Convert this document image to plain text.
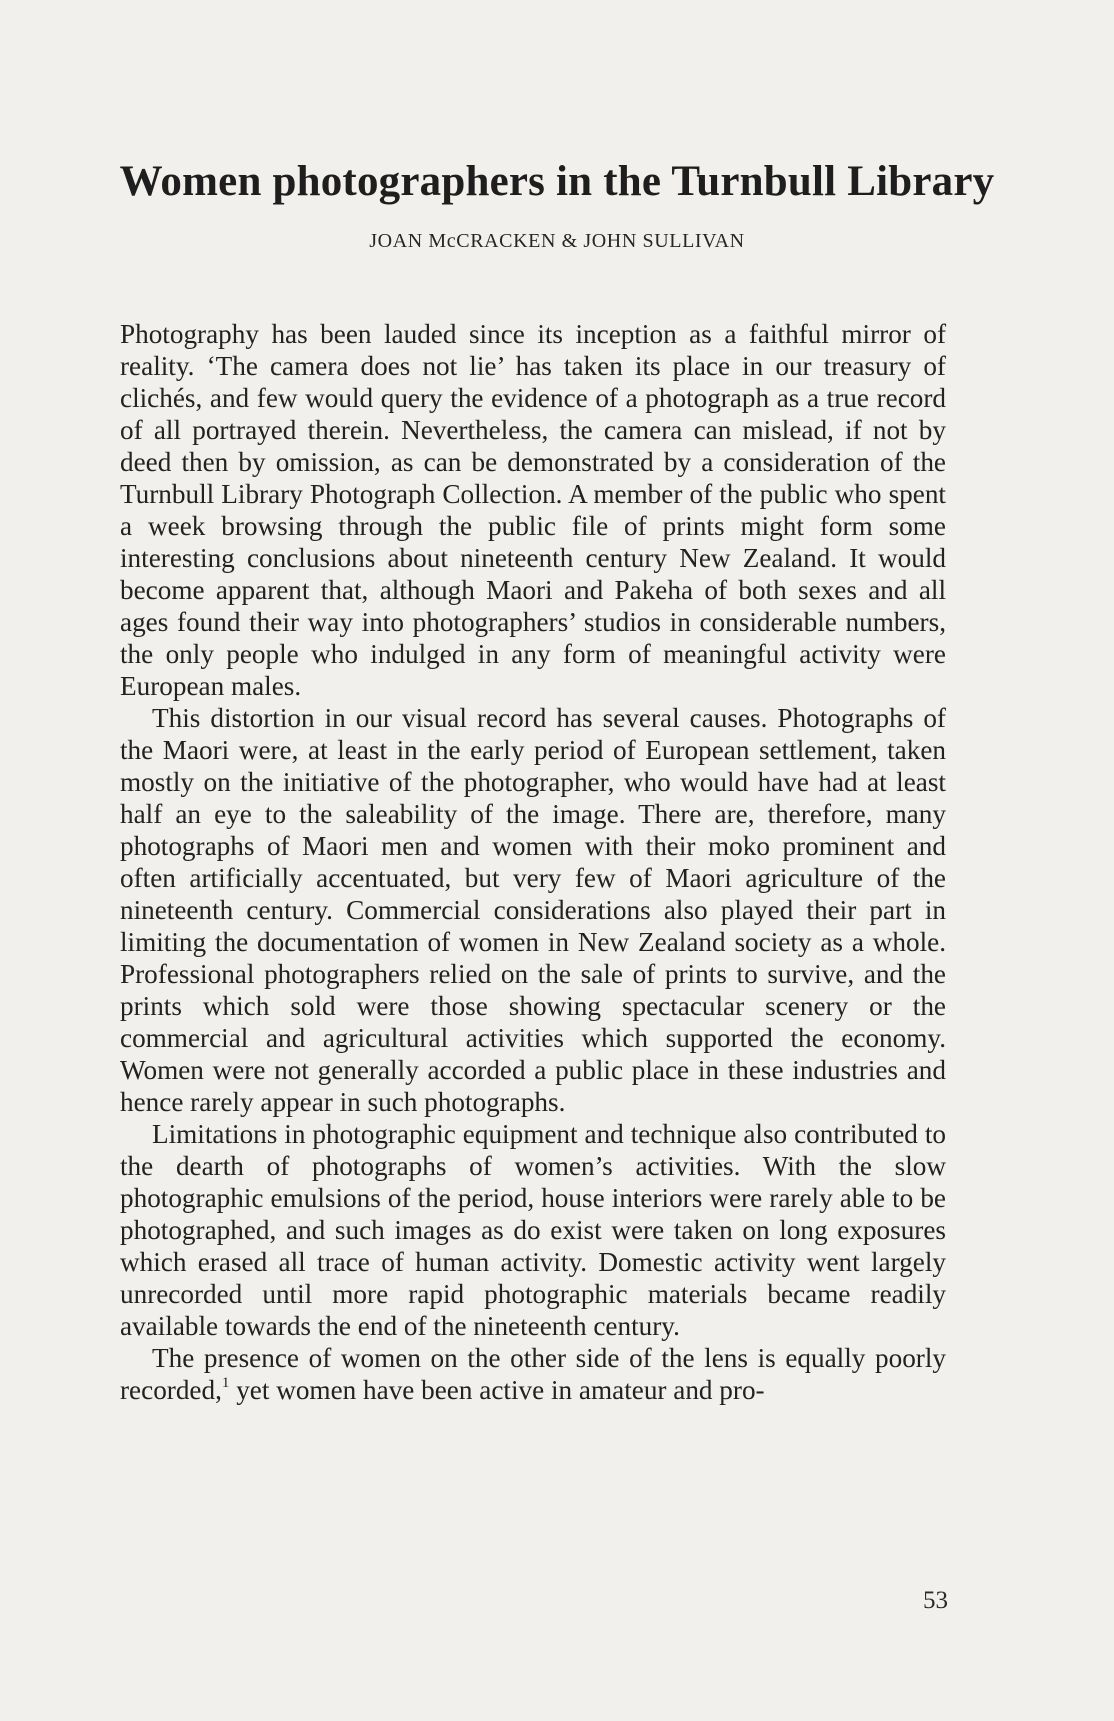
Women photographers in the Turnbull Library
JOAN McCRACKEN & JOHN SULLIVAN

Photography has been lauded since its inception as a faithful mirror of reality. ‘The camera does not lie’ has taken its place in our treasury of clichés, and few would query the evidence of a photograph as a true record of all portrayed therein. Nevertheless, the camera can mislead, if not by deed then by omission, as can be demonstrated by a consideration of the Turnbull Library Photograph Collection. A member of the public who spent a week browsing through the public file of prints might form some interesting conclusions about nineteenth century New Zealand. It would become apparent that, although Maori and Pakeha of both sexes and all ages found their way into photographers’ studios in considerable numbers, the only people who indulged in any form of meaningful activity were European males.

This distortion in our visual record has several causes. Photographs of the Maori were, at least in the early period of European settlement, taken mostly on the initiative of the photographer, who would have had at least half an eye to the saleability of the image. There are, therefore, many photographs of Maori men and women with their moko prominent and often artificially accentuated, but very few of Maori agriculture of the nineteenth century. Commercial considerations also played their part in limiting the documentation of women in New Zealand society as a whole. Professional photographers relied on the sale of prints to survive, and the prints which sold were those showing spectacular scenery or the commercial and agricultural activities which supported the economy. Women were not generally accorded a public place in these industries and hence rarely appear in such photographs.

Limitations in photographic equipment and technique also contributed to the dearth of photographs of women’s activities. With the slow photographic emulsions of the period, house interiors were rarely able to be photographed, and such images as do exist were taken on long exposures which erased all trace of human activity. Domestic activity went largely unrecorded until more rapid photographic materials became readily available towards the end of the nineteenth century.

The presence of women on the other side of the lens is equally poorly recorded,$^1$ yet women have been active in amateur and pro-

53
